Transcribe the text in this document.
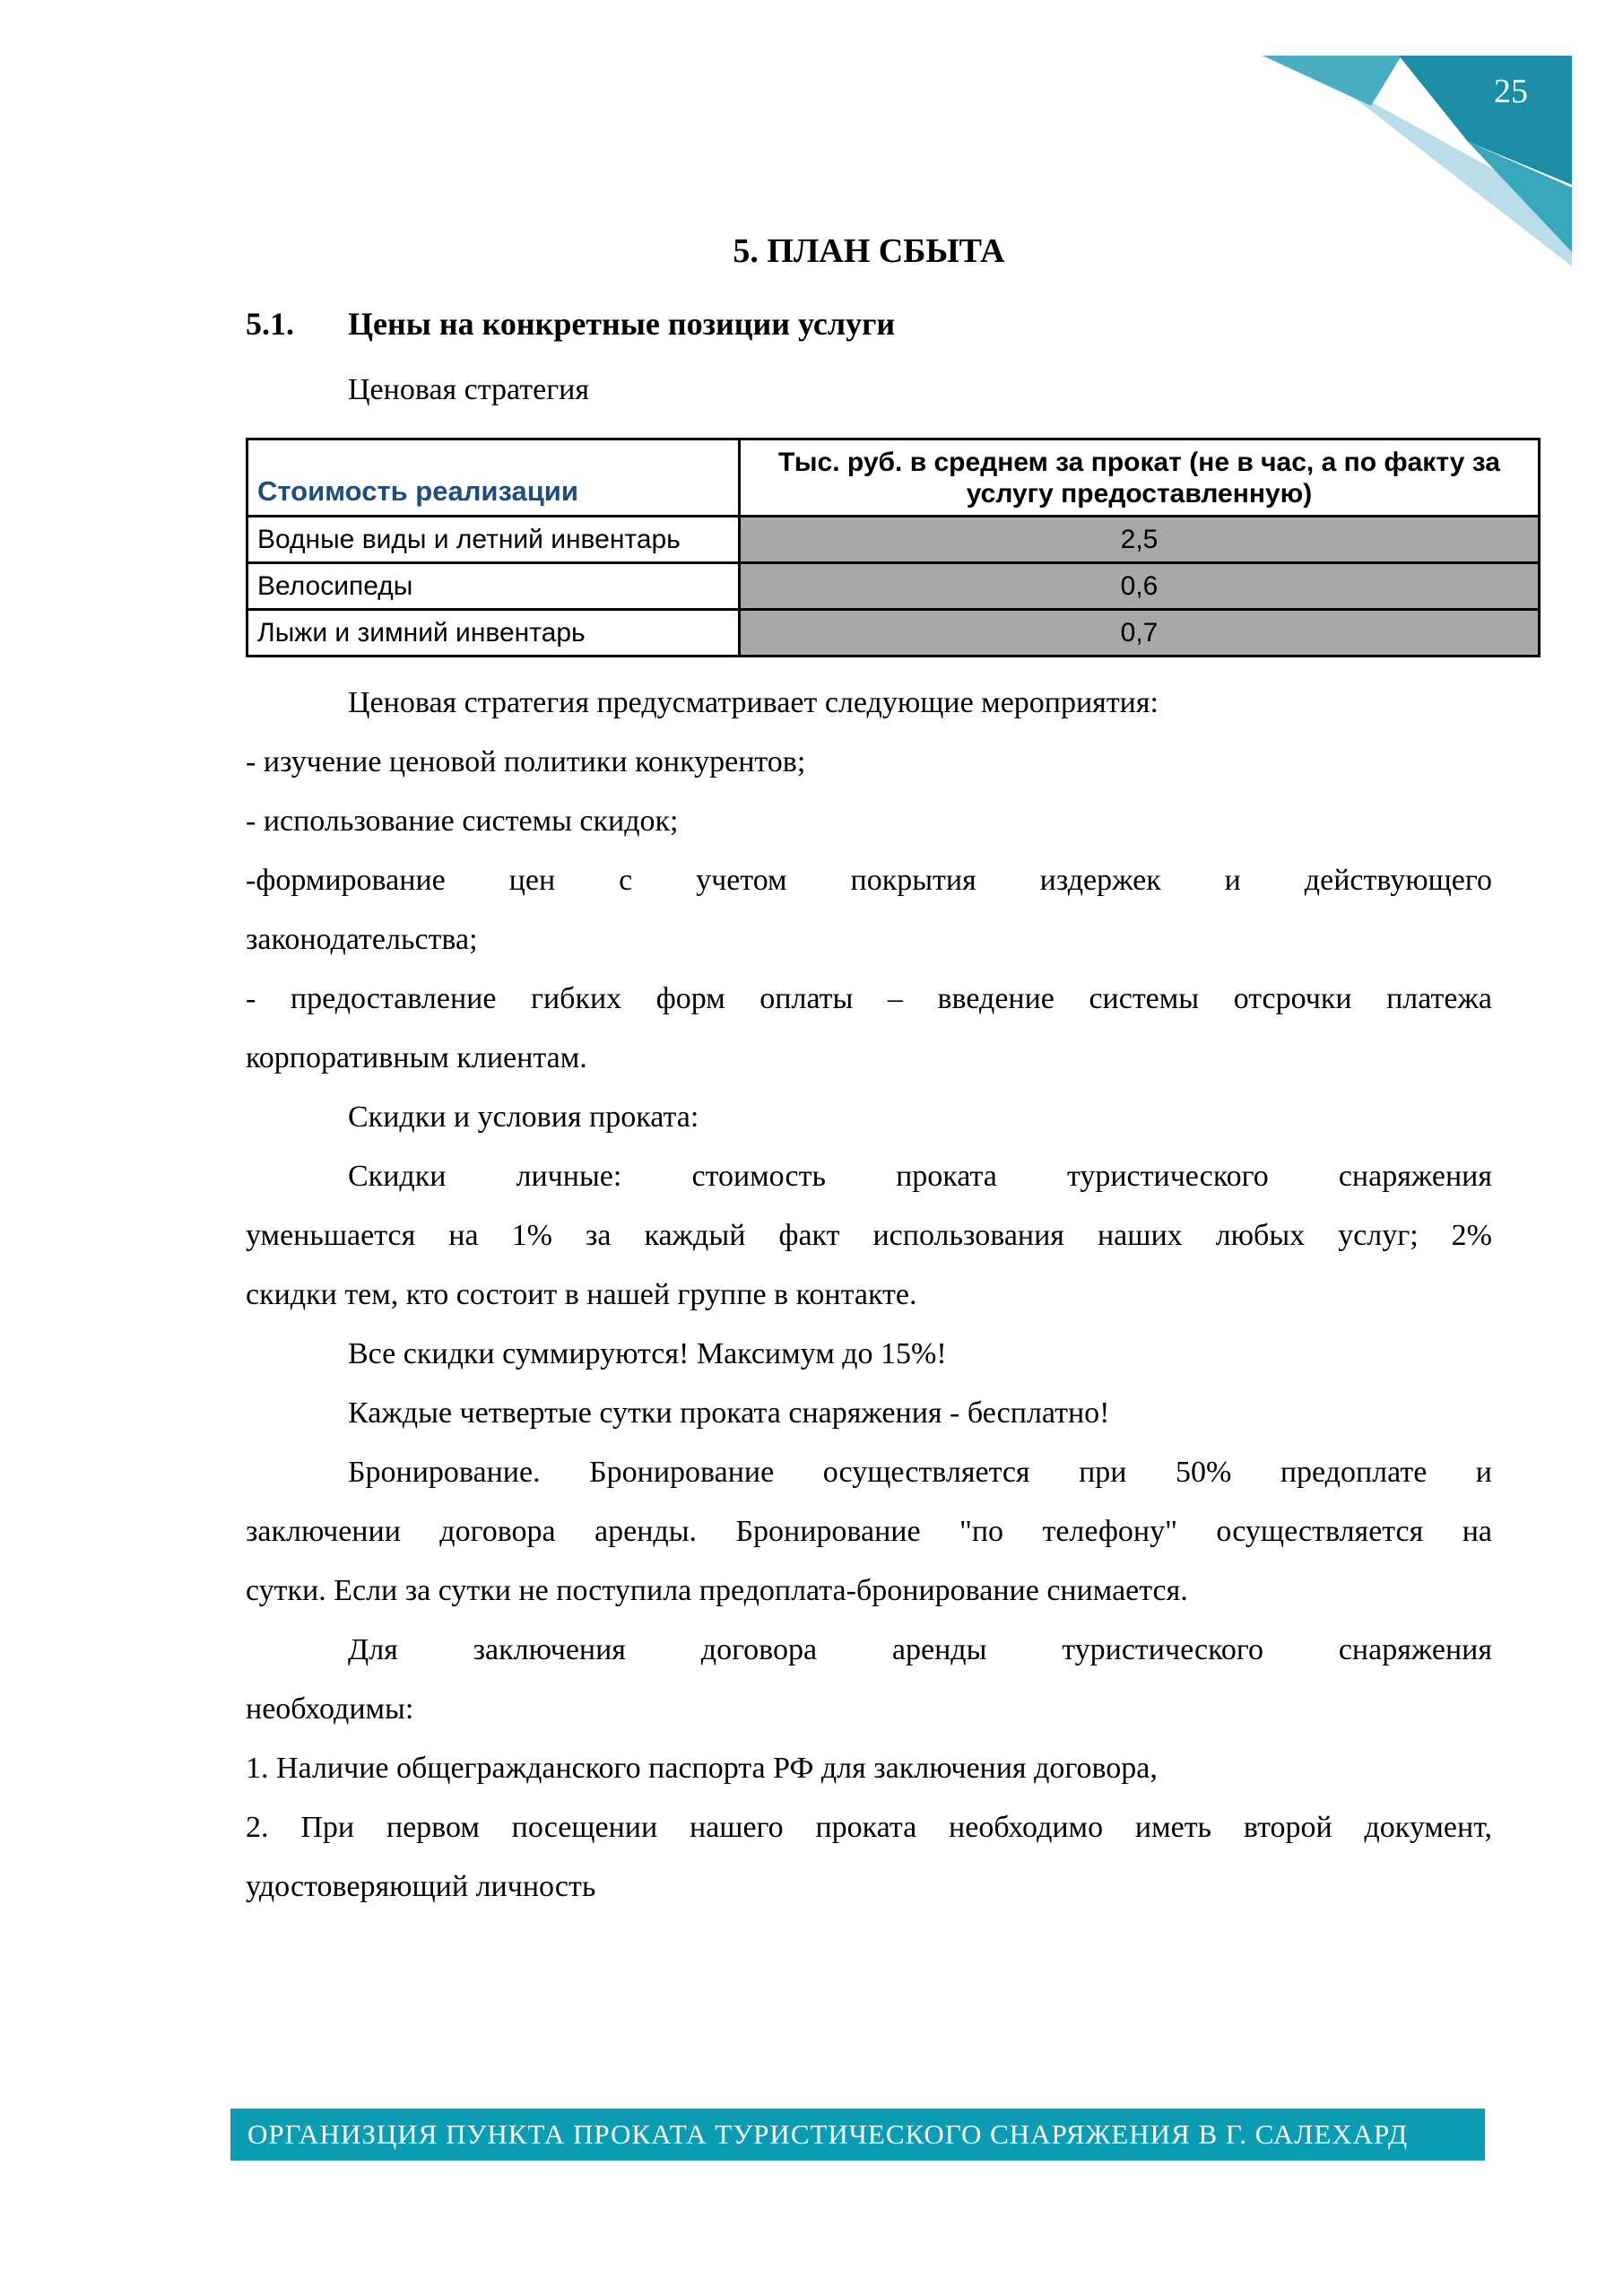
25
5. ПЛАН СБЫТА
5.1.	Цены на конкретные позиции услуги
Ценовая стратегия
Стоимость реализации	Тыс. руб. в среднем за прокат (не в час, а по факту за
услугу предоставленную)

Водные виды и летний инвентарь	2,5
Велосипеды	0,6
Лыжи и зимний инвентарь	0,7
Ценовая стратегия предусматривает следующие мероприятия:
- изучение ценовой политики конкурентов;
- использование системы скидок;
-формирование цен с учетом покрытия издержек и действующего
законодательства;
- предоставление гибких форм оплаты – введение системы отсрочки платежа
корпоративным клиентам.
Скидки и условия проката:
Скидки личные: стоимость проката туристического снаряжения
уменьшается на 1% за каждый факт использования наших любых услуг; 2%
скидки тем, кто состоит в нашей группе в контакте.
Все скидки суммируются! Максимум до 15%!
Каждые четвертые сутки проката снаряжения - бесплатно!
Бронирование. Бронирование осуществляется при 50% предоплате и
заключении договора аренды. Бронирование "по телефону" осуществляется на
сутки. Если за сутки не поступила предоплата-бронирование снимается.
Для заключения договора аренды туристического снаряжения
необходимы:
1. Наличие общегражданского паспорта РФ для заключения договора,
2. При первом посещении нашего проката необходимо иметь второй документ,
удостоверяющий личность
ОРГАНИЗЦИЯ ПУНКТА ПРОКАТА ТУРИСТИЧЕСКОГО СНАРЯЖЕНИЯ В Г. САЛЕХАРД
